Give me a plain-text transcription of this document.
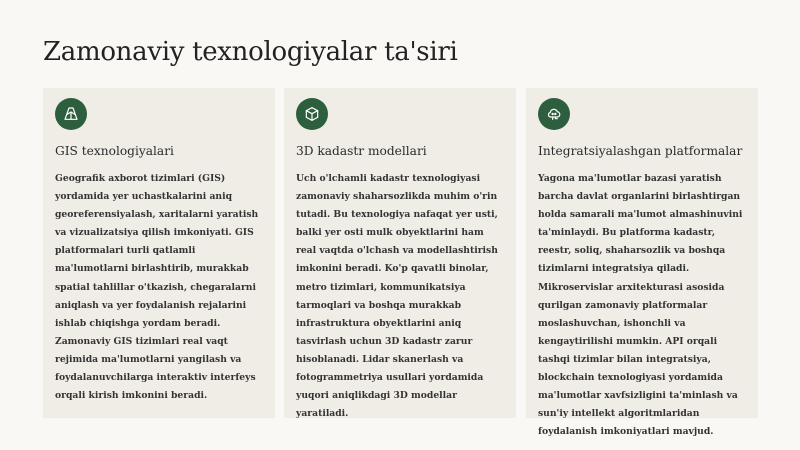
Zamonaviy texnologiyalar ta'siri
GIS texnologiyalari
Geografik axborot tizimlari (GIS) yordamida yer uchastkalarini aniq georeferensiyalash, xaritalarni yaratish va vizualizatsiya qilish imkoniyati. GIS platformalari turli qatlamli ma'lumotlarni birlashtirib, murakkab spatial tahlillar o'tkazish, chegaralarni aniqlash va yer foydalanish rejalarini ishlab chiqishga yordam beradi. Zamonaviy GIS tizimlari real vaqt rejimida ma'lumotlarni yangilash va foydalanuvchilarga interaktiv interfeys orqali kirish imkonini beradi.
3D kadastr modellari
Uch o'lchamli kadastr texnologiyasi zamonaviy shaharsozlikda muhim o'rin tutadi. Bu texnologiya nafaqat yer usti, balki yer osti mulk obyektlarini ham real vaqtda o'lchash va modellashtirish imkonini beradi. Ko'p qavatli binolar, metro tizimlari, kommunikatsiya tarmoqlari va boshqa murakkab infrastruktura obyektlarini aniq tasvirlash uchun 3D kadastr zarur hisoblanadi. Lidar skanerlash va fotogrammetriya usullari yordamida yuqori aniqlikdagi 3D modellar yaratiladi.
Integratsiyalashgan platformalar
Yagona ma'lumotlar bazasi yaratish barcha davlat organlarini birlashtirgan holda samarali ma'lumot almashinuvini ta'minlaydi. Bu platforma kadastr, reestr, soliq, shaharsozlik va boshqa tizimlarni integratsiya qiladi. Mikroservislar arxitekturasi asosida qurilgan zamonaviy platformalar moslashuvchan, ishonchli va kengaytirilishi mumkin. API orqali tashqi tizimlar bilan integratsiya, blockchain texnologiyasi yordamida ma'lumotlar xavfsizligini ta'minlash va sun'iy intellekt algoritmlaridan foydalanish imkoniyatlari mavjud.
